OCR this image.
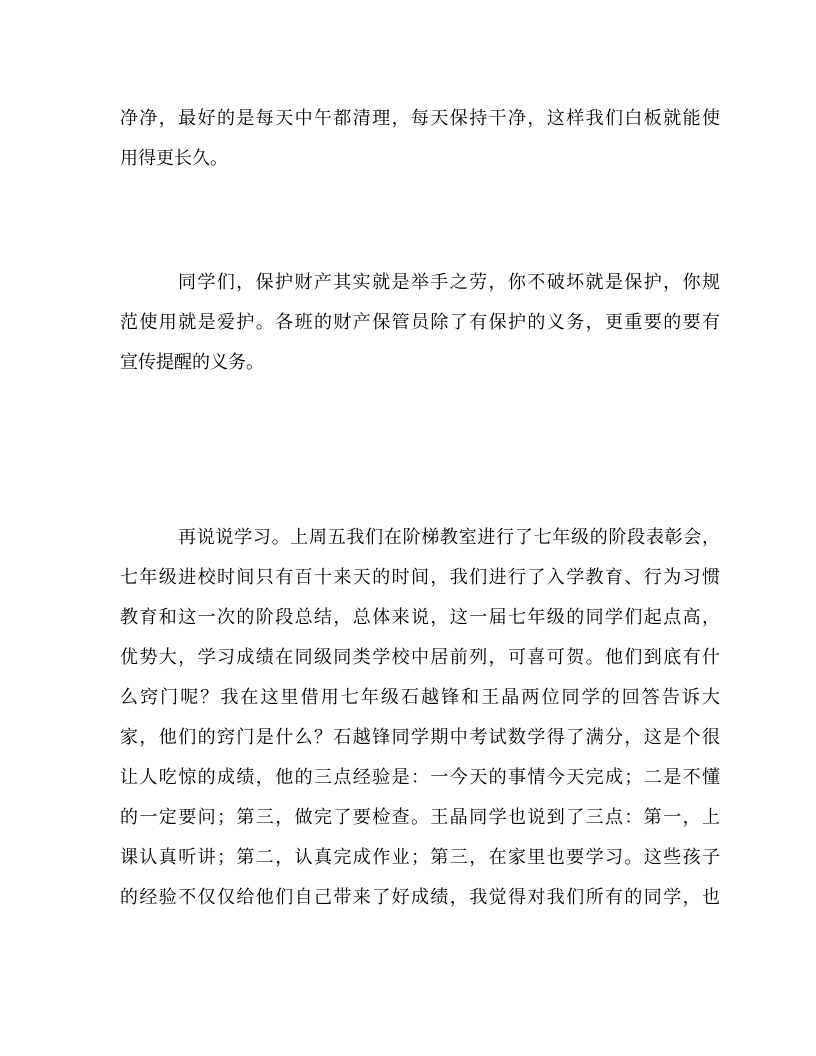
净净，最好的是每天中午都清理，每天保持干净，这样我们白板就能使
用得更长久。
同学们，保护财产其实就是举手之劳，你不破坏就是保护，你规
范使用就是爱护。各班的财产保管员除了有保护的义务，更重要的要有
宣传提醒的义务。
再说说学习。上周五我们在阶梯教室进行了七年级的阶段表彰会，
七年级进校时间只有百十来天的时间，我们进行了入学教育、行为习惯
教育和这一次的阶段总结，总体来说，这一届七年级的同学们起点高，
优势大，学习成绩在同级同类学校中居前列，可喜可贺。他们到底有什
么窍门呢？我在这里借用七年级石越锋和王晶两位同学的回答告诉大
家，他们的窍门是什么？石越锋同学期中考试数学得了满分，这是个很
让人吃惊的成绩，他的三点经验是：一今天的事情今天完成；二是不懂
的一定要问；第三，做完了要检查。王晶同学也说到了三点：第一，上
课认真听讲；第二，认真完成作业；第三，在家里也要学习。这些孩子
的经验不仅仅给他们自己带来了好成绩，我觉得对我们所有的同学，也
